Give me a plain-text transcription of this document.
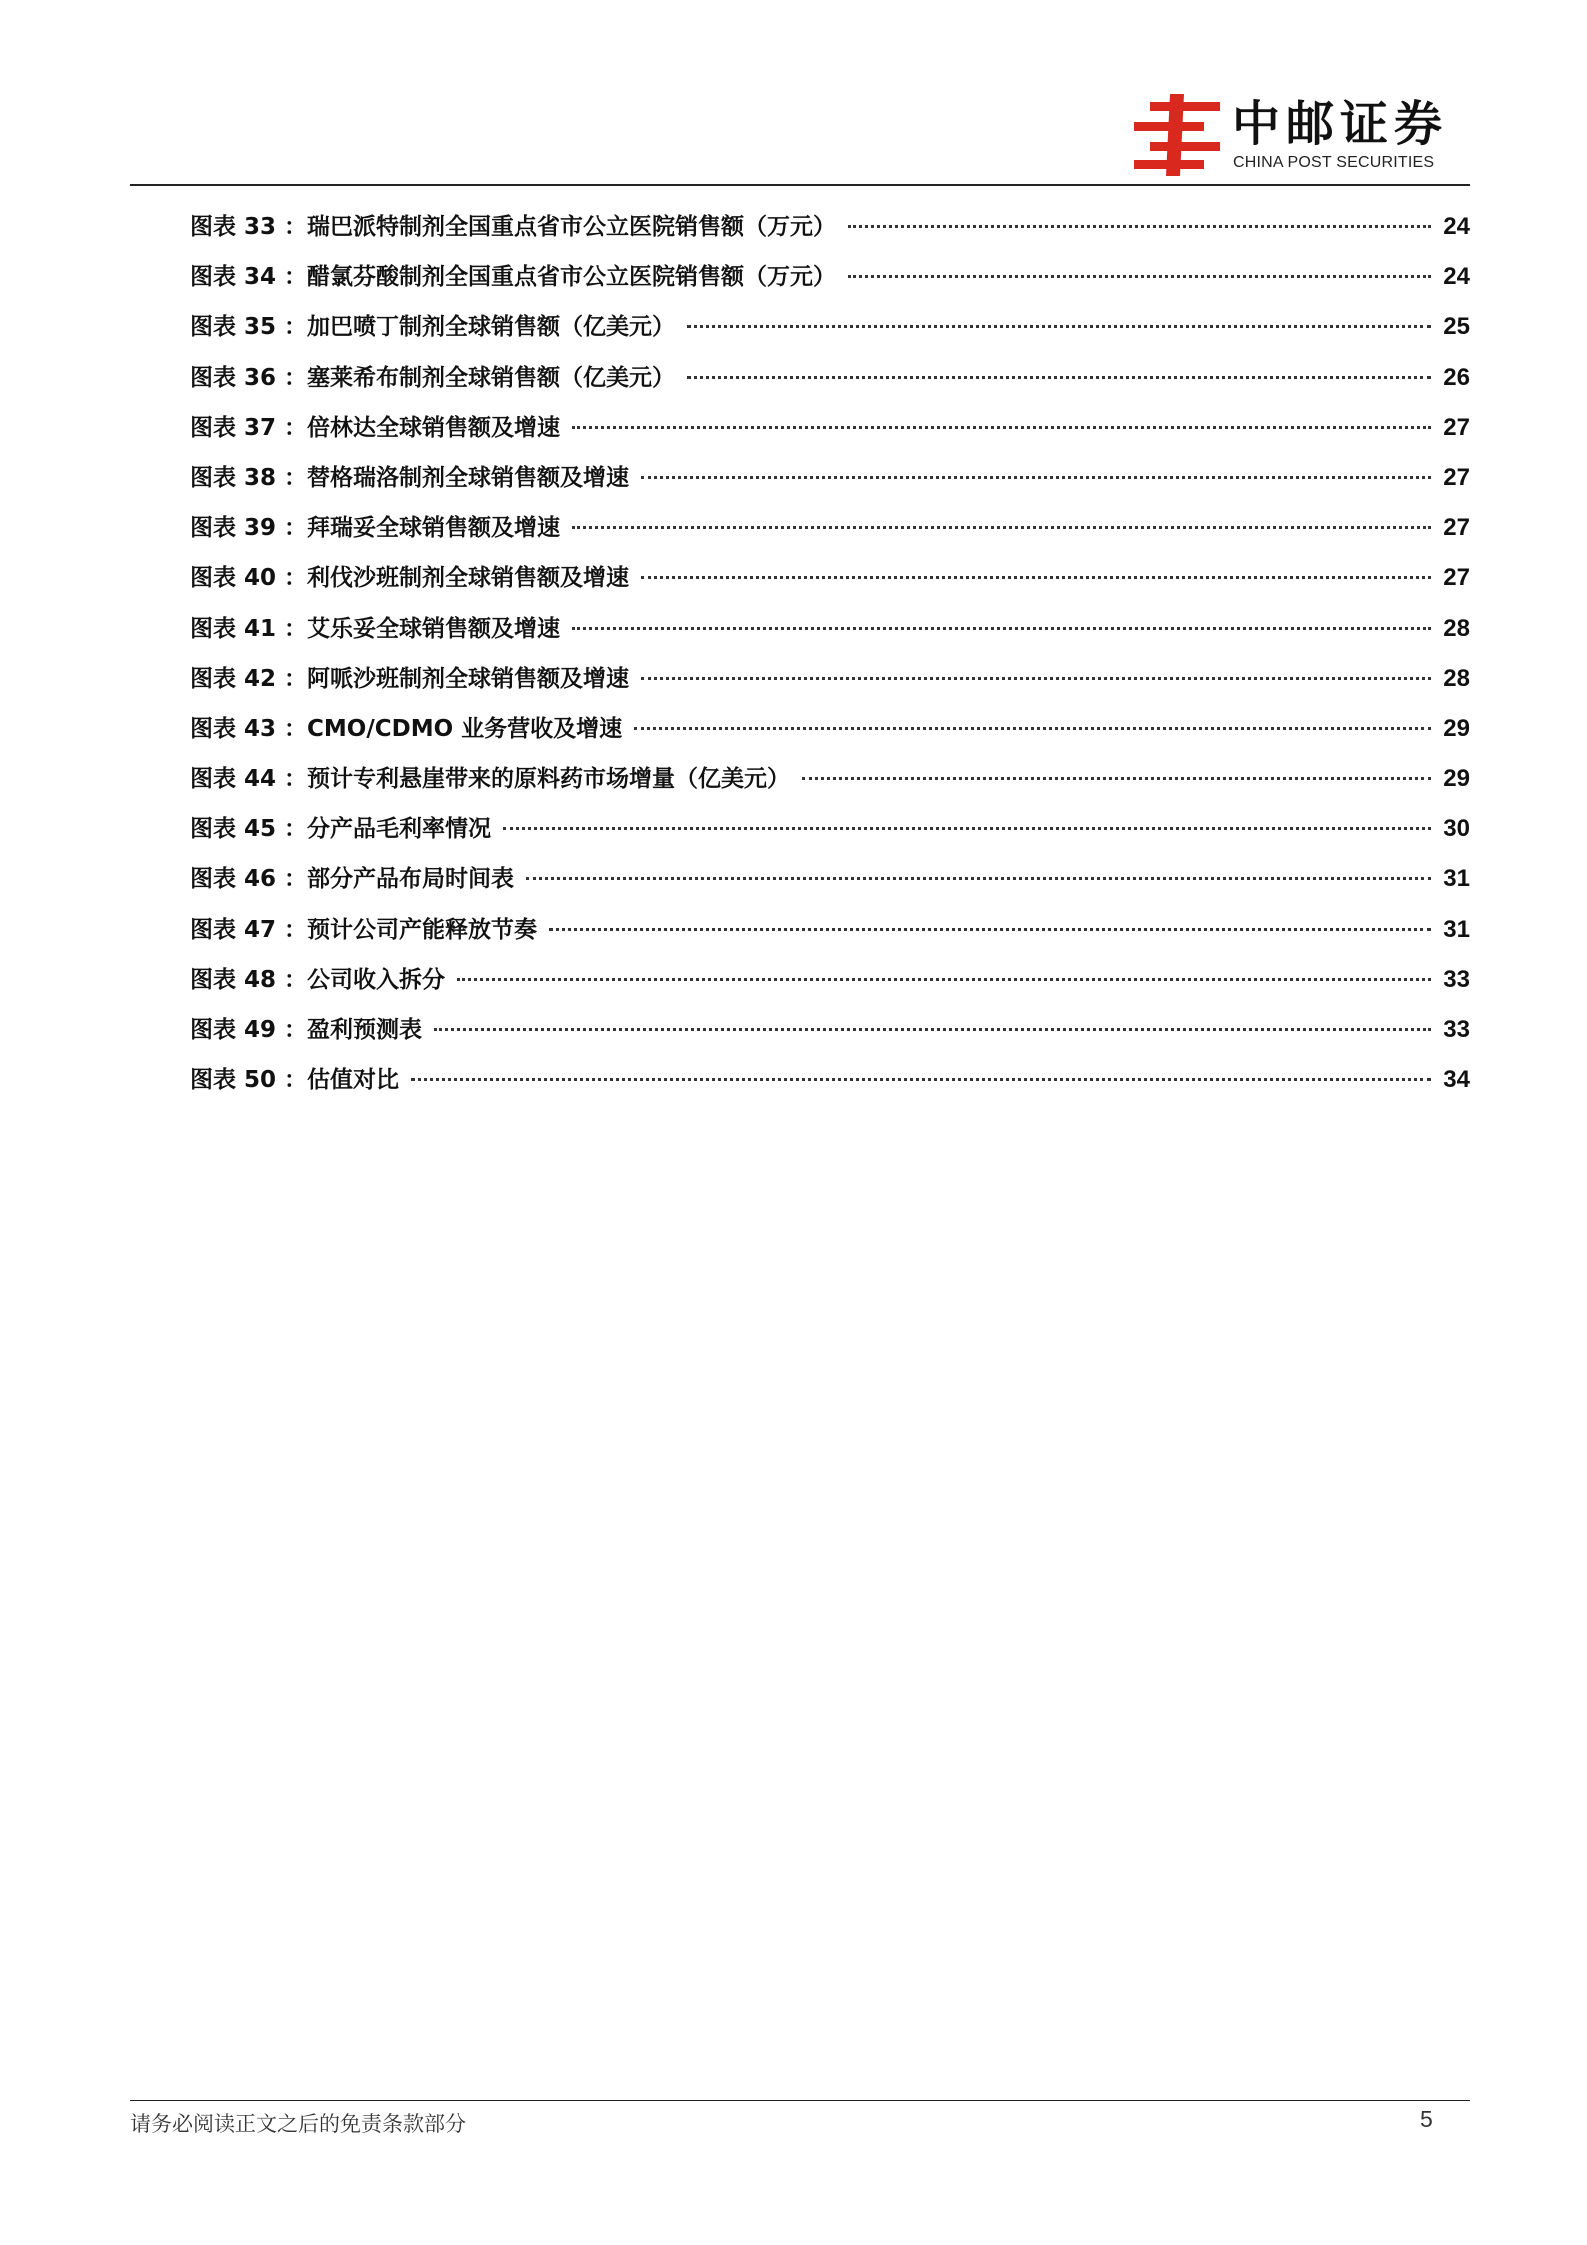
中邮证券
CHINA POST SECURITIES
图表 33 ： 瑞巴派特制剂全国重点省市公立医院销售额（万元）	24
图表 34 ： 醋氯芬酸制剂全国重点省市公立医院销售额（万元）	24
图表 35 ： 加巴喷丁制剂全球销售额（亿美元）	25
图表 36 ： 塞莱希布制剂全球销售额（亿美元）	26
图表 37 ： 倍林达全球销售额及增速	27
图表 38 ： 替格瑞洛制剂全球销售额及增速	27
图表 39 ： 拜瑞妥全球销售额及增速	27
图表 40 ： 利伐沙班制剂全球销售额及增速	27
图表 41 ： 艾乐妥全球销售额及增速	28
图表 42 ： 阿哌沙班制剂全球销售额及增速	28
图表 43 ： CMO/CDMO 业务营收及增速	29
图表 44 ： 预计专利悬崖带来的原料药市场增量（亿美元）	29
图表 45 ： 分产品毛利率情况	30
图表 46 ： 部分产品布局时间表	31
图表 47 ： 预计公司产能释放节奏	31
图表 48 ： 公司收入拆分	33
图表 49 ： 盈利预测表	33
图表 50 ： 估值对比	34
请务必阅读正文之后的免责条款部分	5
